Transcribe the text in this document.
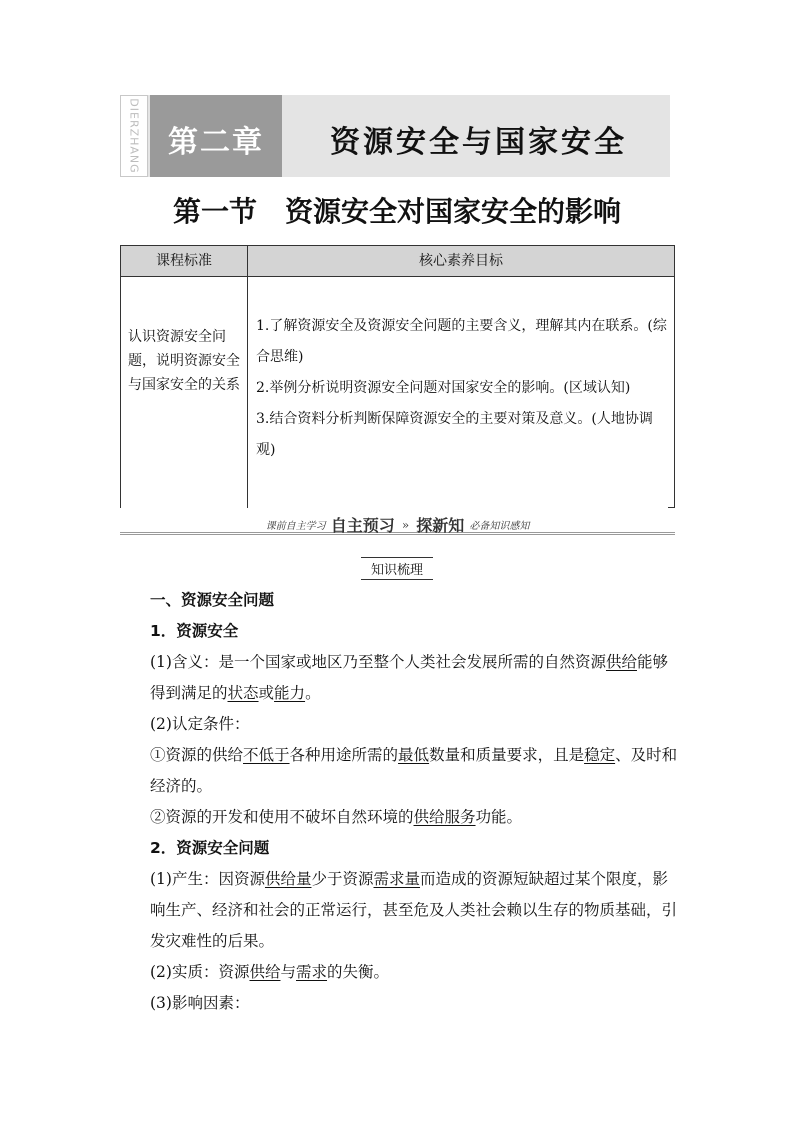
DIERZHANG 第二章	资源安全与国家安全
第一节　资源安全对国家安全的影响
课程标准	核心素养目标
认识资源安全问题，说明资源安全与国家安全的关系
1.了解资源安全及资源安全问题的主要含义，理解其内在联系。(综合思维)
2.举例分析说明资源安全问题对国家安全的影响。(区域认知)
3.结合资料分析判断保障资源安全的主要对策及意义。(人地协调观)
课前自主学习 自主预习 » 探新知 必备知识感知
知识梳理

一、资源安全问题

1．资源安全

(1)含义：是一个国家或地区乃至整个人类社会发展所需的自然资源供给能够得到满足的状态或能力。

(2)认定条件：

①资源的供给不低于各种用途所需的最低数量和质量要求，且是稳定、及时和经济的。

②资源的开发和使用不破坏自然环境的供给服务功能。

2．资源安全问题

(1)产生：因资源供给量少于资源需求量而造成的资源短缺超过某个限度，影响生产、经济和社会的正常运行，甚至危及人类社会赖以生存的物质基础，引发灾难性的后果。

(2)实质：资源供给与需求的失衡。

(3)影响因素：
